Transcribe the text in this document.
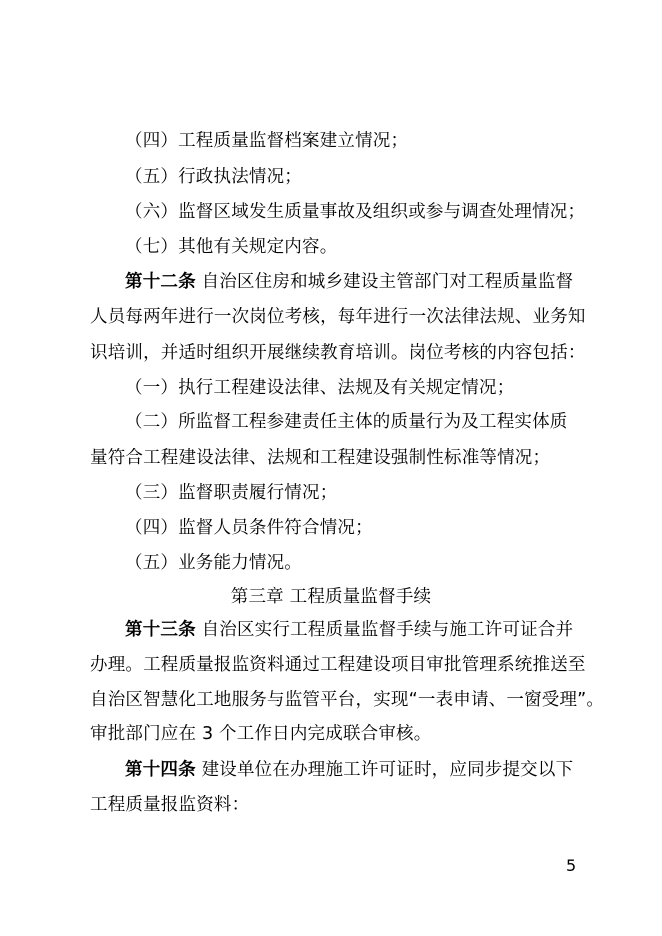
（四）工程质量监督档案建立情况；
（五）行政执法情况；
（六）监督区域发生质量事故及组织或参与调查处理情况；
（七）其他有关规定内容。
第十二条 自治区住房和城乡建设主管部门对工程质量监督
人员每两年进行一次岗位考核，每年进行一次法律法规、业务知
识培训，并适时组织开展继续教育培训。岗位考核的内容包括：
（一）执行工程建设法律、法规及有关规定情况；
（二）所监督工程参建责任主体的质量行为及工程实体质
量符合工程建设法律、法规和工程建设强制性标准等情况；
（三）监督职责履行情况；
（四）监督人员条件符合情况；
（五）业务能力情况。
第三章 工程质量监督手续
第十三条 自治区实行工程质量监督手续与施工许可证合并
办理。工程质量报监资料通过工程建设项目审批管理系统推送至
自治区智慧化工地服务与监管平台，实现“一表申请、一窗受理”。
审批部门应在 3 个工作日内完成联合审核。
第十四条 建设单位在办理施工许可证时，应同步提交以下
工程质量报监资料：
5
